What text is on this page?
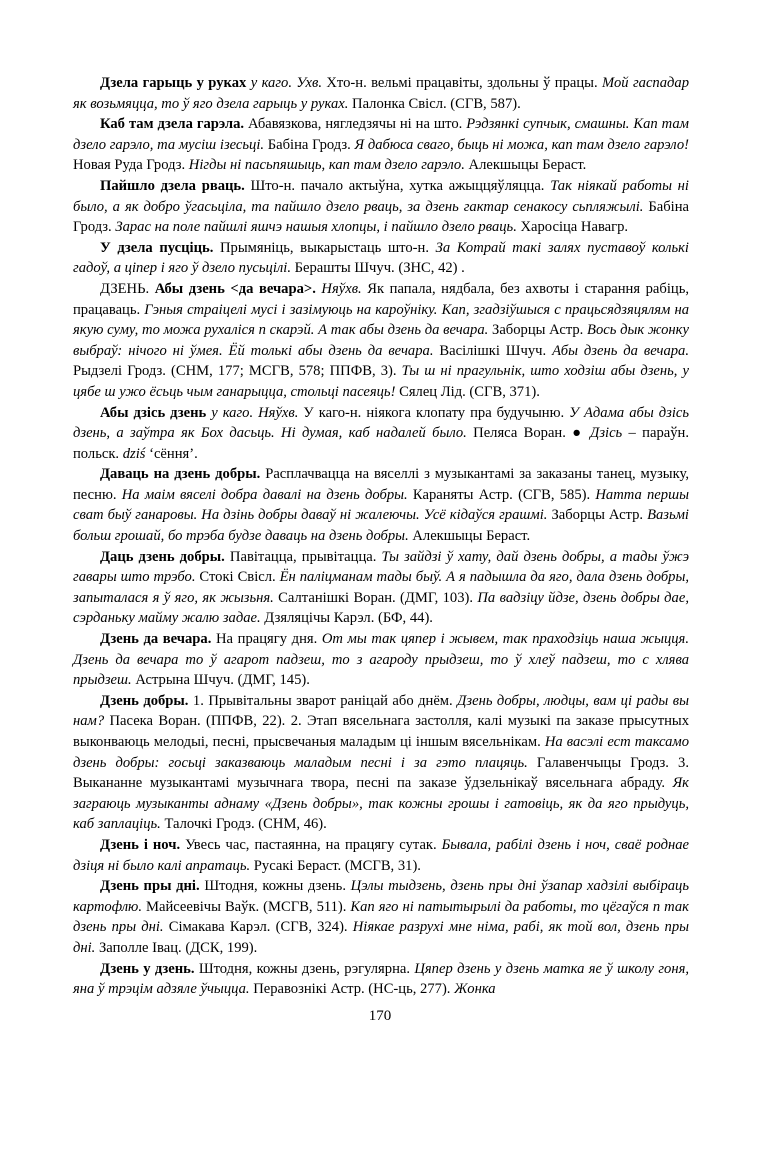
Дзела гарыць у руках у каго. Ухв. Хто-н. вельмі працавіты, здольны ў працы. Мой гаспадар як возьмяцца, то ў яго дзела гарыць у руках. Палонка Свісл. (СГВ, 587).

Каб там дзела гарэла. Абавязкова, нягледзячы ні на што. Рэдзянкі супчык, смашны. Кап там дзело гарэло, та мусіш ізесьці. Бабіна Гродз. Я дабюса сваго, быць ні можа, кап там дзело гарэло! Новая Руда Гродз. Нігды ні пасьпяшыць, кап там дзело гарэло. Алекшыцы Бераст.

Пайшло дзела рваць. Што-н. пачало актыўна, хутка ажыццяўляцца. Так ніякай работы ні было, а як добро ўгасьціла, та пайшло дзело рваць, за дзень гактар сенакосу сьпляжылі. Бабіна Гродз. Зарас на поле пайшлі яшчэ нашыя хлопцы, і пайшло дзело рваць. Харосіца Навагр.

У дзела пусціць. Прымяніць, выкарыстаць што-н. За Котрай такі залях пуставоў колькі гадоў, а ціпер і яго ў дзело пусьцілі. Берашты Шчуч. (ЗНС, 42) .

ДЗЕНЬ. Абы дзень <да вечара>. Няўхв. Як папала, нядбала, без ахвоты і старання рабіць, працаваць. Гэныя страіцелі мусі і зазімуюць на кароўніку. Кап, згадзіўшыся с працьсядзяцялям на якую суму, то можа рухаліся п скарэй. А так абы дзень да вечара. Заборцы Астр. Вось дык жонку выбраў: нічого ні ўмея. Ёй толькі абы дзень да вечара. Васілішкі Шчуч. Абы дзень да вечара. Рыдзелі Гродз. (СНМ, 177; МСГВ, 578; ППФВ, 3). Ты ш ні прагульнік, што ходзіш абы дзень, у цябе ш ужо ёсьць чым ганарыцца, стольці пасеяць! Сялец Лід. (СГВ, 371).

Абы дзісь дзень у каго. Няўхв. У каго-н. ніякога клопату пра будучыню. У Адама абы дзісь дзень, а заўтра як Бох дасьць. Ні думая, каб надалей было. Пеляса Воран. ● Дзісь – параўн. польск. dziś ‘сёння’.

Даваць на дзень добры. Расплачвацца на вяселлі з музыкантамі за заказаны танец, музыку, песню. На маім вяселі добра давалі на дзень добры. Караняты Астр. (СГВ, 585). Натта першы сват быў ганаровы. На дзінь добры даваў ні жалеючы. Усё кідаўся грашмі. Заборцы Астр. Вазьмі больш грошай, бо трэба будзе даваць на дзень добры. Алекшыцы Бераст.

Даць дзень добры. Павітацца, прывітацца. Ты зайдзі ў хату, дай дзень добры, а тады ўжэ гавары што трэбо. Стокі Свісл. Ён паліцманам тады быў. А я падышла да яго, дала дзень добры, запыталася я ў яго, як жызьня. Салтанішкі Воран. (ДМГ, 103). Па вадзіцу йдзе, дзень добры дае, сэрданьку майму жалю задае. Дзяляцічы Карэл. (БФ, 44).

Дзень да вечара. На працягу дня. От мы так цяпер і жывем, так праходзіць наша жыцця. Дзень да вечара то ў агарот падзеш, то з агароду прыдзеш, то ў хлеў падзеш, то с хлява прыдзеш. Астрына Шчуч. (ДМГ, 145).

Дзень добры. 1. Прывітальны зварот раніцай або днём. Дзень добры, людцы, вам ці рады вы нам? Пасека Воран. (ППФВ, 22). 2. Этап вясельнага застолля, калі музыкі па заказе прысутных выконваюць мелодыі, песні, прысвечаныя маладым ці іншым вясельнікам. На васэлі ест таксамо дзень добры: госьці заказваюць маладым песні і за гэто плацяць. Галавенчыцы Гродз. 3. Выкананне музыкантамі музычнага твора, песні па заказе ўдзельнікаў вясельнага абраду. Як заграюць музыканты аднаму «Дзень добры», так кожны грошы і гатовіць, як да яго прыдуць, каб заплаціць. Талочкі Гродз. (СНМ, 46).

Дзень і ноч. Увесь час, пастаянна, на працягу сутак. Бывала, рабілі дзень і ноч, сваё роднае дзіця ні было калі апратаць. Русакі Бераст. (МСГВ, 31).

Дзень пры дні. Штодня, кожны дзень. Цэлы тыдзень, дзень пры дні ўзапар хадзілі выбіраць картофлю. Майсеевічы Ваўк. (МСГВ, 511). Кап яго ні патытырылі да работы, то цёгаўся п так дзень пры дні. Сімакава Карэл. (СГВ, 324). Ніякае разрухі мне німа, рабі, як той вол, дзень пры дні. Заполле Івац. (ДСК, 199).

Дзень у дзень. Штодня, кожны дзень, рэгулярна. Цяпер дзень у дзень матка яе ў школу гоня, яна ў трэцім адзяле ўчыцца. Перавознікі Астр. (НС-ць, 277). Жонка

170
